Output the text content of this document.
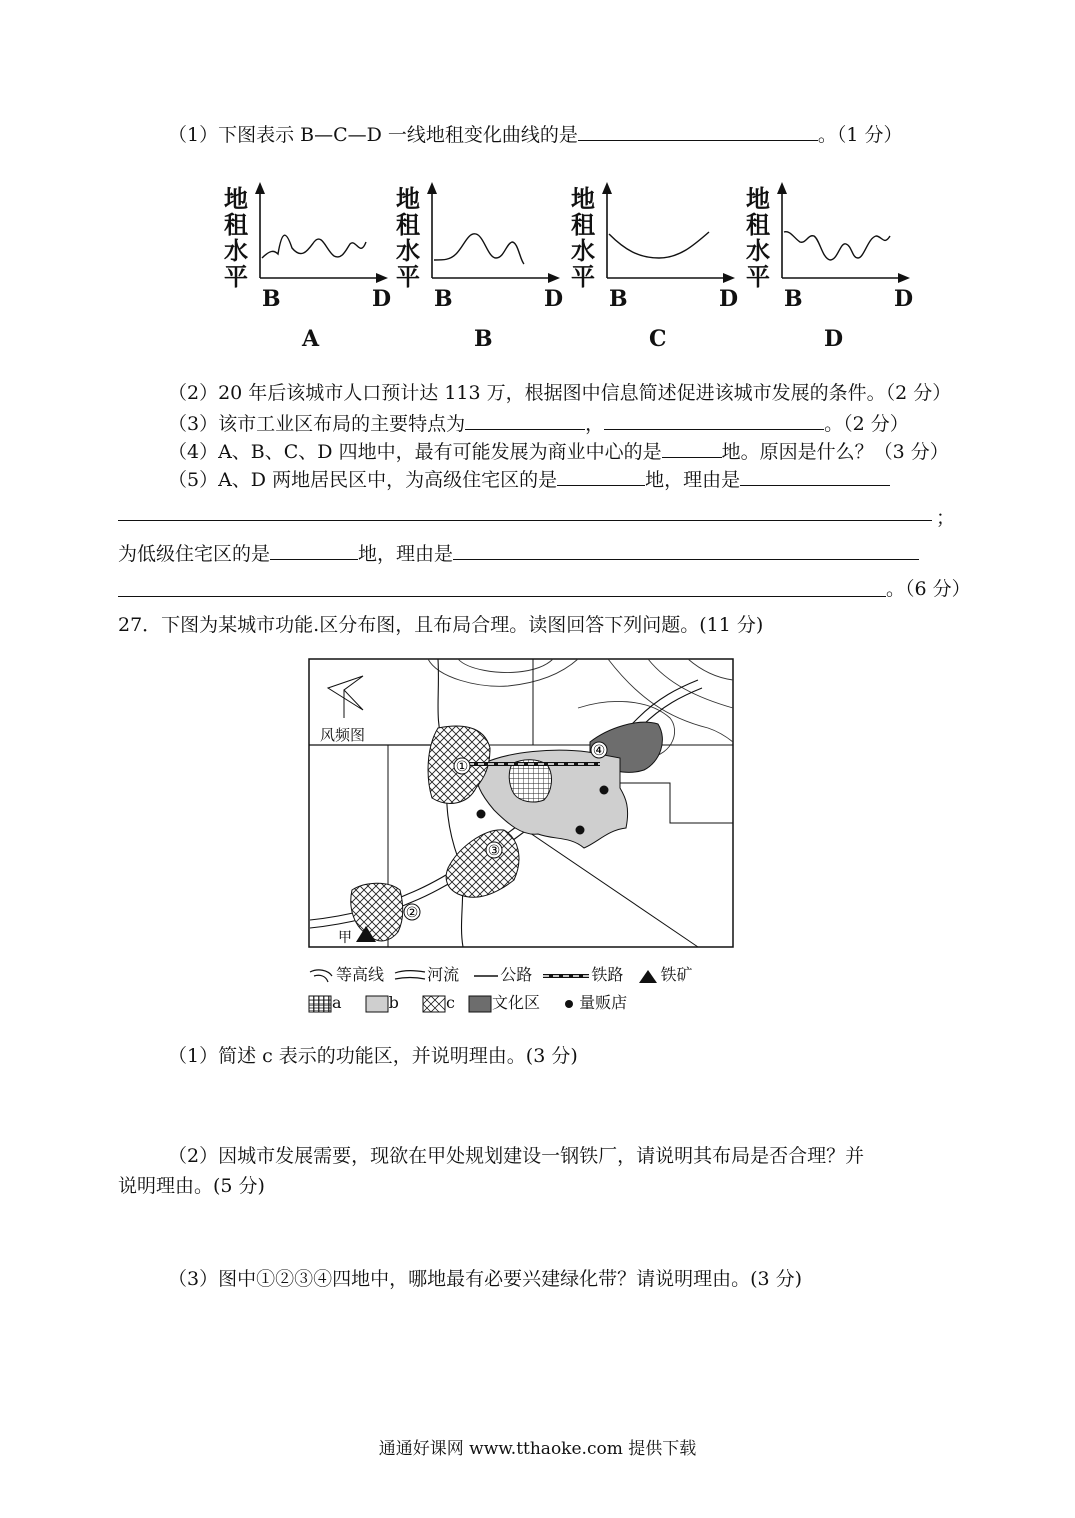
（1）下图表示 B—C—D 一线地租变化曲线的是	。（1 分）
地
租
水
平
B	D
A
地
租
水
平
B	D
B
地
租
水
平
B	D
C
地
租
水
平
B	D
D
（2）20 年后该城市人口预计达 113 万，根据图中信息简述促进该城市发展的条件。（2 分）
（3）该市工业区布局的主要特点为	，	。（2 分）
（4）A、B、C、D 四地中，最有可能发展为商业中心的是	地。原因是什么？（3 分）
（5）A、D 两地居民区中，为高级住宅区的是	地，理由是
；
为低级住宅区的是	地，理由是
。（6 分）
27．下图为某城市功能.区分布图，且布局合理。读图回答下列问题。(11 分)
风频图
①
②
③
④
甲
等高线	河流	公路	铁路 铁矿
a	b	c 文化区 量贩店
（1）简述 c 表示的功能区，并说明理由。(3 分)
（2）因城市发展需要，现欲在甲处规划建设一钢铁厂，请说明其布局是否合理？并
说明理由。(5 分)
（3）图中①②③④四地中，哪地最有必要兴建绿化带？请说明理由。(3 分)
通通好课网 www.tthaoke.com 提供下载
